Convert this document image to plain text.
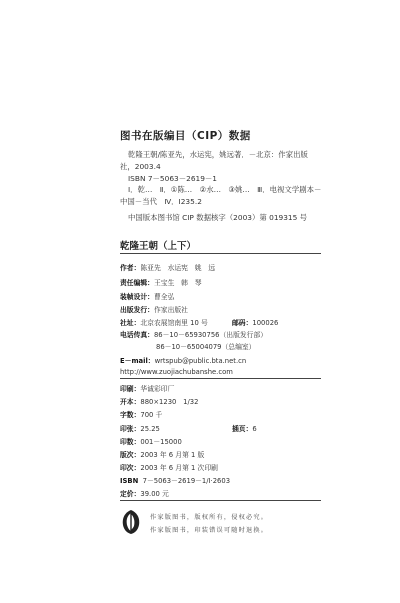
图书在版编目（CIP）数据
乾隆王朝/陈亚先，水运宪，姚远著．－北京：作家出版
社，2003.4
ISBN 7－5063－2619－1
Ⅰ．乾…　Ⅱ．①陈…　②水…　③姚…　Ⅲ．电视文学剧本－
中国－当代　Ⅳ．I235.2
中国版本图书馆 CIP 数据核字（2003）第 019315 号
乾隆王朝（上下）
作者：陈亚先　水运宪　姚　远
责任编辑：王宝生　韩　琴
装帧设计：曹全弘
出版发行：作家出版社
社址：北京农展馆南里 10 号	邮码：100026
电话传真：86－10－65930756（出版发行部）
86－10－65004079（总编室）
E－mail：wrtspub@public.bta.net.cn
http://www.zuojiachubanshe.com
印刷：华诚彩印厂
开本：880×1230　1/32
字数：700 千
印张：25.25	插页：6
印数：001－15000
版次：2003 年 6 月第 1 版
印次：2003 年 6 月第 1 次印刷
ISBN 7－5063－2619－1/I·2603
定价：39.00 元
作家版图书，版权所有，侵权必究。
作家版图书，印装错误可随时退换。
